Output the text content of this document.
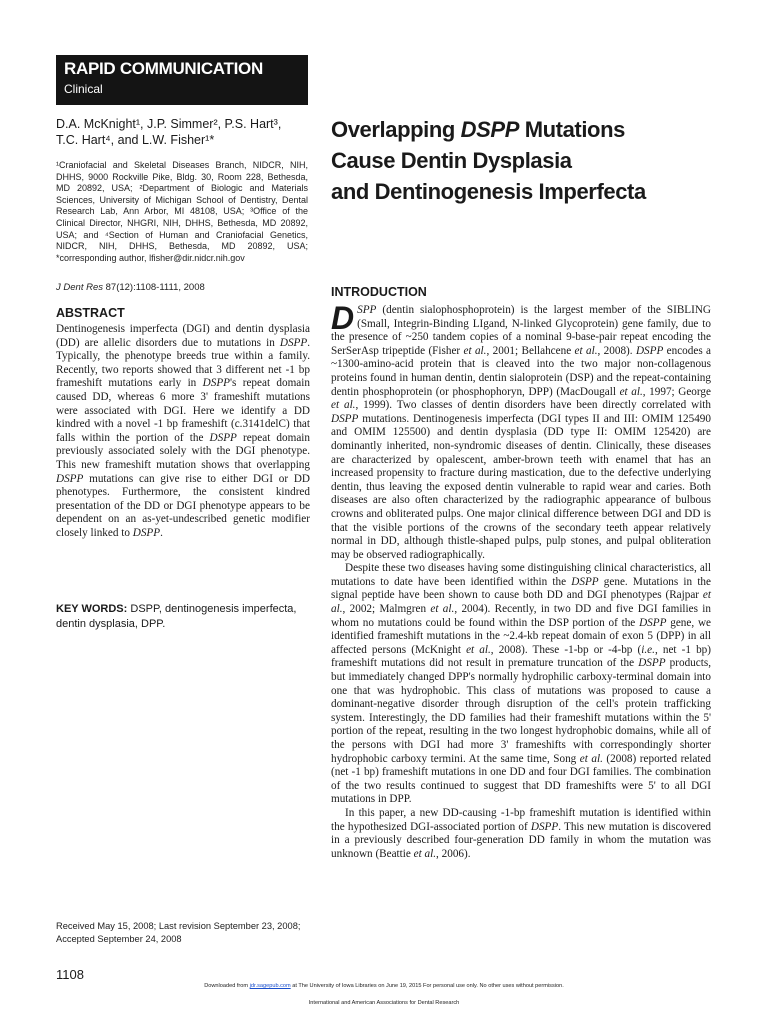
RAPID COMMUNICATION
Clinical
D.A. McKnight¹, J.P. Simmer², P.S. Hart³,
T.C. Hart⁴, and L.W. Fisher¹*
¹Craniofacial and Skeletal Diseases Branch, NIDCR, NIH, DHHS, 9000 Rockville Pike, Bldg. 30, Room 228, Bethesda, MD 20892, USA; ²Department of Biologic and Materials Sciences, University of Michigan School of Dentistry, Dental Research Lab, Ann Arbor, MI 48108, USA; ³Office of the Clinical Director, NHGRI, NIH, DHHS, Bethesda, MD 20892, USA; and ⁴Section of Human and Craniofacial Genetics, NIDCR, NIH, DHHS, Bethesda, MD 20892, USA; *corresponding author, lfisher@dir.nidcr.nih.gov
J Dent Res 87(12):1108-1111, 2008
Overlapping DSPP Mutations
Cause Dentin Dysplasia
and Dentinogenesis Imperfecta
ABSTRACT
Dentinogenesis imperfecta (DGI) and dentin dysplasia (DD) are allelic disorders due to mutations in DSPP. Typically, the phenotype breeds true within a family. Recently, two reports showed that 3 different net -1 bp frameshift mutations early in DSPP's repeat domain caused DD, whereas 6 more 3' frameshift mutations were associated with DGI. Here we identify a DD kindred with a novel -1 bp frameshift (c.3141delC) that falls within the portion of the DSPP repeat domain previously associated solely with the DGI phenotype. This new frameshift mutation shows that overlapping DSPP mutations can give rise to either DGI or DD phenotypes. Furthermore, the consistent kindred presentation of the DD or DGI phenotype appears to be dependent on an as-yet-undescribed genetic modifier closely linked to DSPP.
KEY WORDS: DSPP, dentinogenesis imperfecta, dentin dysplasia, DPP.
Received May 15, 2008; Last revision September 23, 2008;
Accepted September 24, 2008
INTRODUCTION

DSPP (dentin sialophosphoprotein) is the largest member of the SIBLING (Small, Integrin-Binding LIgand, N-linked Glycoprotein) gene family, due to the presence of ~250 tandem copies of a nominal 9-base-pair repeat encoding the SerSerAsp tripeptide (Fisher et al., 2001; Bellahcene et al., 2008). DSPP encodes a ~1300-amino-acid protein that is cleaved into the two major non-collagenous proteins found in human dentin, dentin sialoprotein (DSP) and the repeat-containing dentin phosphoprotein (or phosphophoryn, DPP) (MacDougall et al., 1997; George et al., 1999). Two classes of dentin disorders have been directly correlated with DSPP mutations. Dentinogenesis imperfecta (DGI types II and III: OMIM 125490 and OMIM 125500) and dentin dysplasia (DD type II: OMIM 125420) are dominantly inherited, non-syndromic diseases of dentin. Clinically, these diseases are characterized by opalescent, amber-brown teeth with enamel that has an increased propensity to fracture during mastication, due to the defective underlying dentin, thus leaving the exposed dentin vulnerable to rapid wear and caries. Both diseases are also often characterized by the radiographic appearance of bulbous crowns and obliterated pulps. One major clinical difference between DGI and DD is that the visible portions of the crowns of the secondary teeth appear relatively normal in DD, although thistle-shaped pulps, pulp stones, and pulpal obliteration may be observed radiographically.

Despite these two diseases having some distinguishing clinical characteristics, all mutations to date have been identified within the DSPP gene. Mutations in the signal peptide have been shown to cause both DD and DGI phenotypes (Rajpar et al., 2002; Malmgren et al., 2004). Recently, in two DD and five DGI families in whom no mutations could be found within the DSP portion of the DSPP gene, we identified frameshift mutations in the ~2.4-kb repeat domain of exon 5 (DPP) in all affected persons (McKnight et al., 2008). These -1-bp or -4-bp (i.e., net -1 bp) frameshift mutations did not result in premature truncation of the DSPP products, but immediately changed DPP's normally hydrophilic carboxy-terminal domain into one that was hydrophobic. This class of mutations was proposed to cause a dominant-negative disorder through disruption of the cell's protein trafficking system. Interestingly, the DD families had their frameshift mutations within the 5' portion of the repeat, resulting in the two longest hydrophobic domains, while all of the persons with DGI had more 3' frameshifts with correspondingly shorter hydrophobic carboxy termini. At the same time, Song et al. (2008) reported related (net -1 bp) frameshift mutations in one DD and four DGI families. The combination of the two results continued to suggest that DD frameshifts were 5' to all DGI mutations in DPP.

In this paper, a new DD-causing -1-bp frameshift mutation is identified within the hypothesized DGI-associated portion of DSPP. This new mutation is discovered in a previously described four-generation DD family in whom the mutation was unknown (Beattie et al., 2006).

1108
Downloaded from jdr.sagepub.com at The University of Iowa Libraries on June 19, 2015 For personal use only. No other uses without permission.
International and American Associations for Dental Research
